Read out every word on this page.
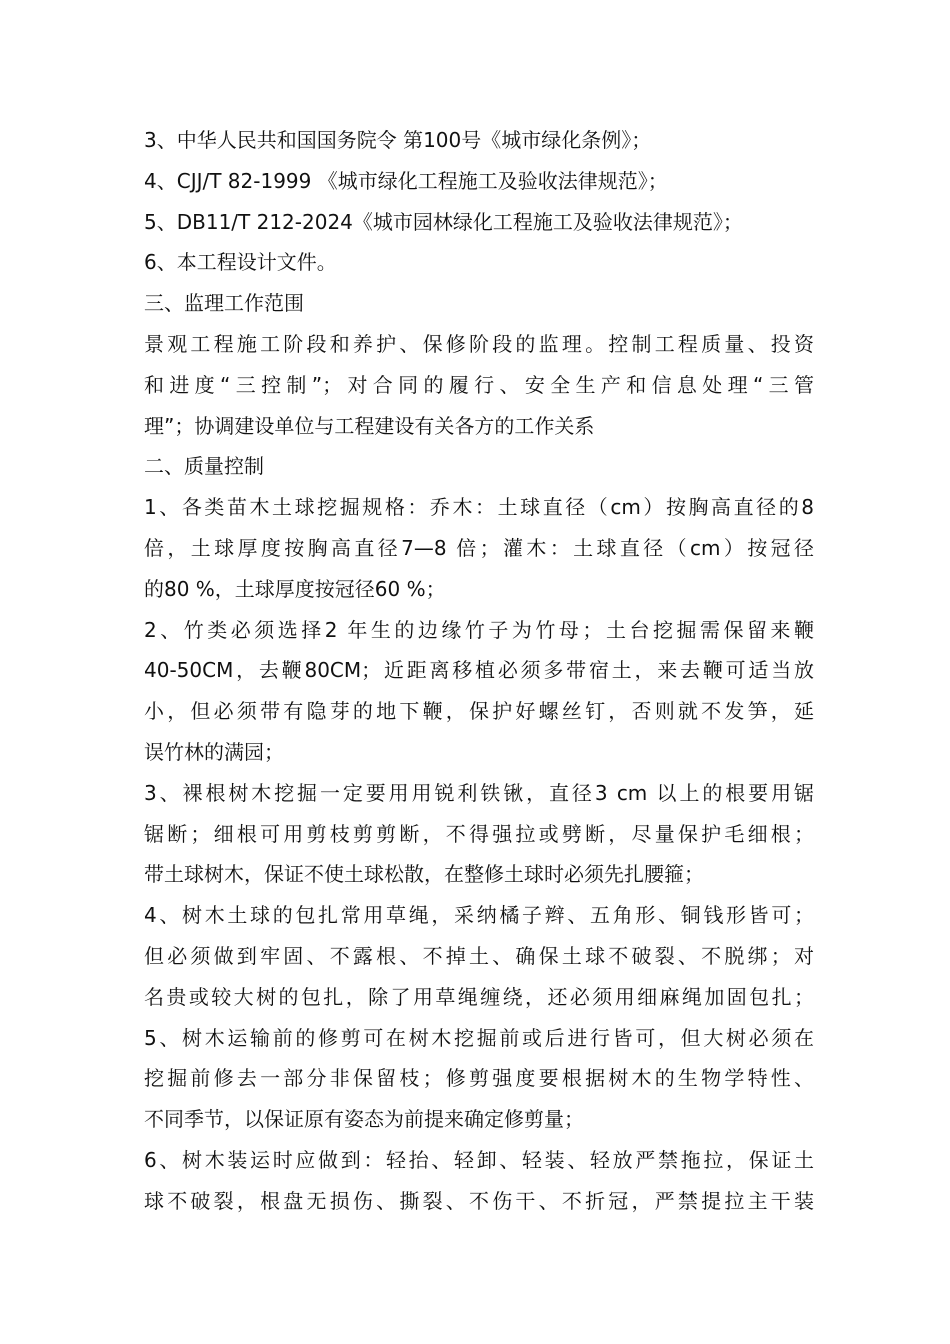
3、中华人民共和国国务院令 第100号《城市绿化条例》；
4、CJJ/T 82-1999 《城市绿化工程施工及验收法律规范》；
5、DB11/T 212-2024《城市园林绿化工程施工及验收法律规范》；
6、本工程设计文件。
三、监理工作范围
景观工程施工阶段和养护、保修阶段的监理。控制工程质量、投资
和进度“三控制”；对合同的履行、安全生产和信息处理“三管
理”；协调建设单位与工程建设有关各方的工作关系
二、质量控制
1、各类苗木土球挖掘规格：乔木：土球直径（cm）按胸高直径的8
倍，土球厚度按胸高直径7—8 倍；灌木：土球直径（cm）按冠径
的80 %，土球厚度按冠径60 %；
2、竹类必须选择2 年生的边缘竹子为竹母；土台挖掘需保留来鞭
40-50CM，去鞭80CM；近距离移植必须多带宿土，来去鞭可适当放
小，但必须带有隐芽的地下鞭，保护好螺丝钉，否则就不发笋，延
误竹林的满园；
3、裸根树木挖掘一定要用用锐利铁锹，直径3 cm 以上的根要用锯
锯断；细根可用剪枝剪剪断，不得强拉或劈断，尽量保护毛细根；
带土球树木，保证不使土球松散，在整修土球时必须先扎腰箍；
4、树木土球的包扎常用草绳，采纳橘子辫、五角形、铜钱形皆可；
但必须做到牢固、不露根、不掉土、确保土球不破裂、不脱绑；对
名贵或较大树的包扎，除了用草绳缠绕，还必须用细麻绳加固包扎；
5、树木运输前的修剪可在树木挖掘前或后进行皆可，但大树必须在
挖掘前修去一部分非保留枝；修剪强度要根据树木的生物学特性、
不同季节，以保证原有姿态为前提来确定修剪量；
6、树木装运时应做到：轻抬、轻卸、轻装、轻放严禁拖拉，保证土
球不破裂，根盘无损伤、撕裂、不伤干、不折冠，严禁提拉主干装
